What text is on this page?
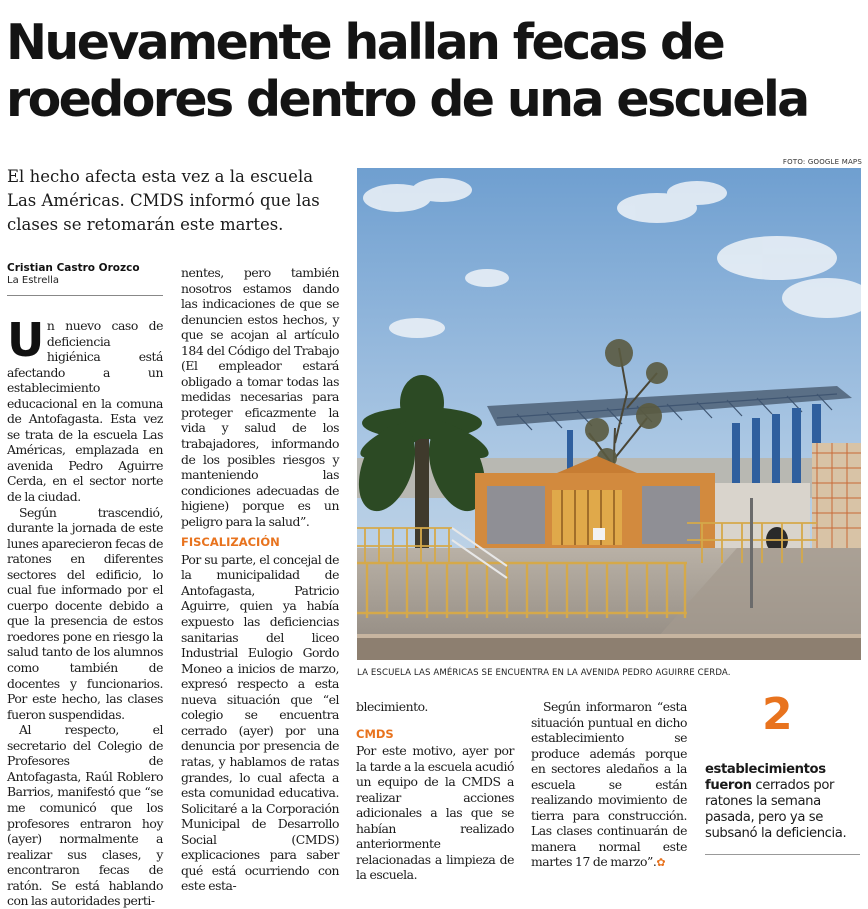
Nuevamente hallan fecas de
roedores dentro de una escuela

El hecho afecta esta vez a la escuela Las Américas. CMDS informó que las clases se retomarán este martes.

FOTO: GOOGLE MAPS
LA ESCUELA LAS AMÉRICAS SE ENCUENTRA EN LA AVENIDA PEDRO AGUIRRE CERDA.
Cristian Castro Orozco
La Estrella

Un nuevo caso de deficiencia higiénica está afectando a un establecimiento educacional en la comuna de Antofagasta. Esta vez se trata de la escuela Las Américas, emplazada en avenida Pedro Aguirre Cerda, en el sector norte de la ciudad.

Según trascendió, durante la jornada de este lunes aparecieron fecas de ratones en diferentes sectores del edificio, lo cual fue informado por el cuerpo docente debido a que la presencia de estos roedores pone en riesgo la salud tanto de los alumnos como también de docentes y funcionarios. Por este hecho, las clases fueron suspendidas.

Al respecto, el secretario del Colegio de Profesores de Antofagasta, Raúl Roblero Barrios, manifestó que “se me comunicó que los profesores entraron hoy (ayer) normalmente a realizar sus clases, y encontraron fecas de ratón. Se está hablando con las autoridades perti-

nentes, pero también nosotros estamos dando las indicaciones de que se denuncien estos hechos, y que se acojan al artículo 184 del Código del Trabajo (El empleador estará obligado a tomar todas las medidas necesarias para proteger eficazmente la vida y salud de los trabajadores, informando de los posibles riesgos y manteniendo las condiciones adecuadas de higiene) porque es un peligro para la salud”.

FISCALIZACIÓN

Por su parte, el concejal de la municipalidad de Antofagasta, Patricio Aguirre, quien ya había expuesto las deficiencias sanitarias del liceo Industrial Eulogio Gordo Moneo a inicios de marzo, expresó respecto a esta nueva situación que “el colegio se encuentra cerrado (ayer) por una denuncia por presencia de ratas, y hablamos de ratas grandes, lo cual afecta a esta comunidad educativa. Solicitaré a la Corporación Municipal de Desarrollo Social (CMDS) explicaciones para saber qué está ocurriendo con este esta-

blecimiento.

CMDS

Por este motivo, ayer por la tarde a la escuela acudió un equipo de la CMDS a realizar acciones adicionales a las que se habían realizado anteriormente relacionadas a limpieza de la escuela.

Según informaron “esta situación puntual en dicho establecimiento se produce además porque en sectores aledaños a la escuela se están realizando movimiento de tierra para construcción. Las clases continuarán de manera normal este martes 17 de marzo”.✿

2
establecimientos fueron cerrados por ratones la semana pasada, pero ya se subsanó la deficiencia.
